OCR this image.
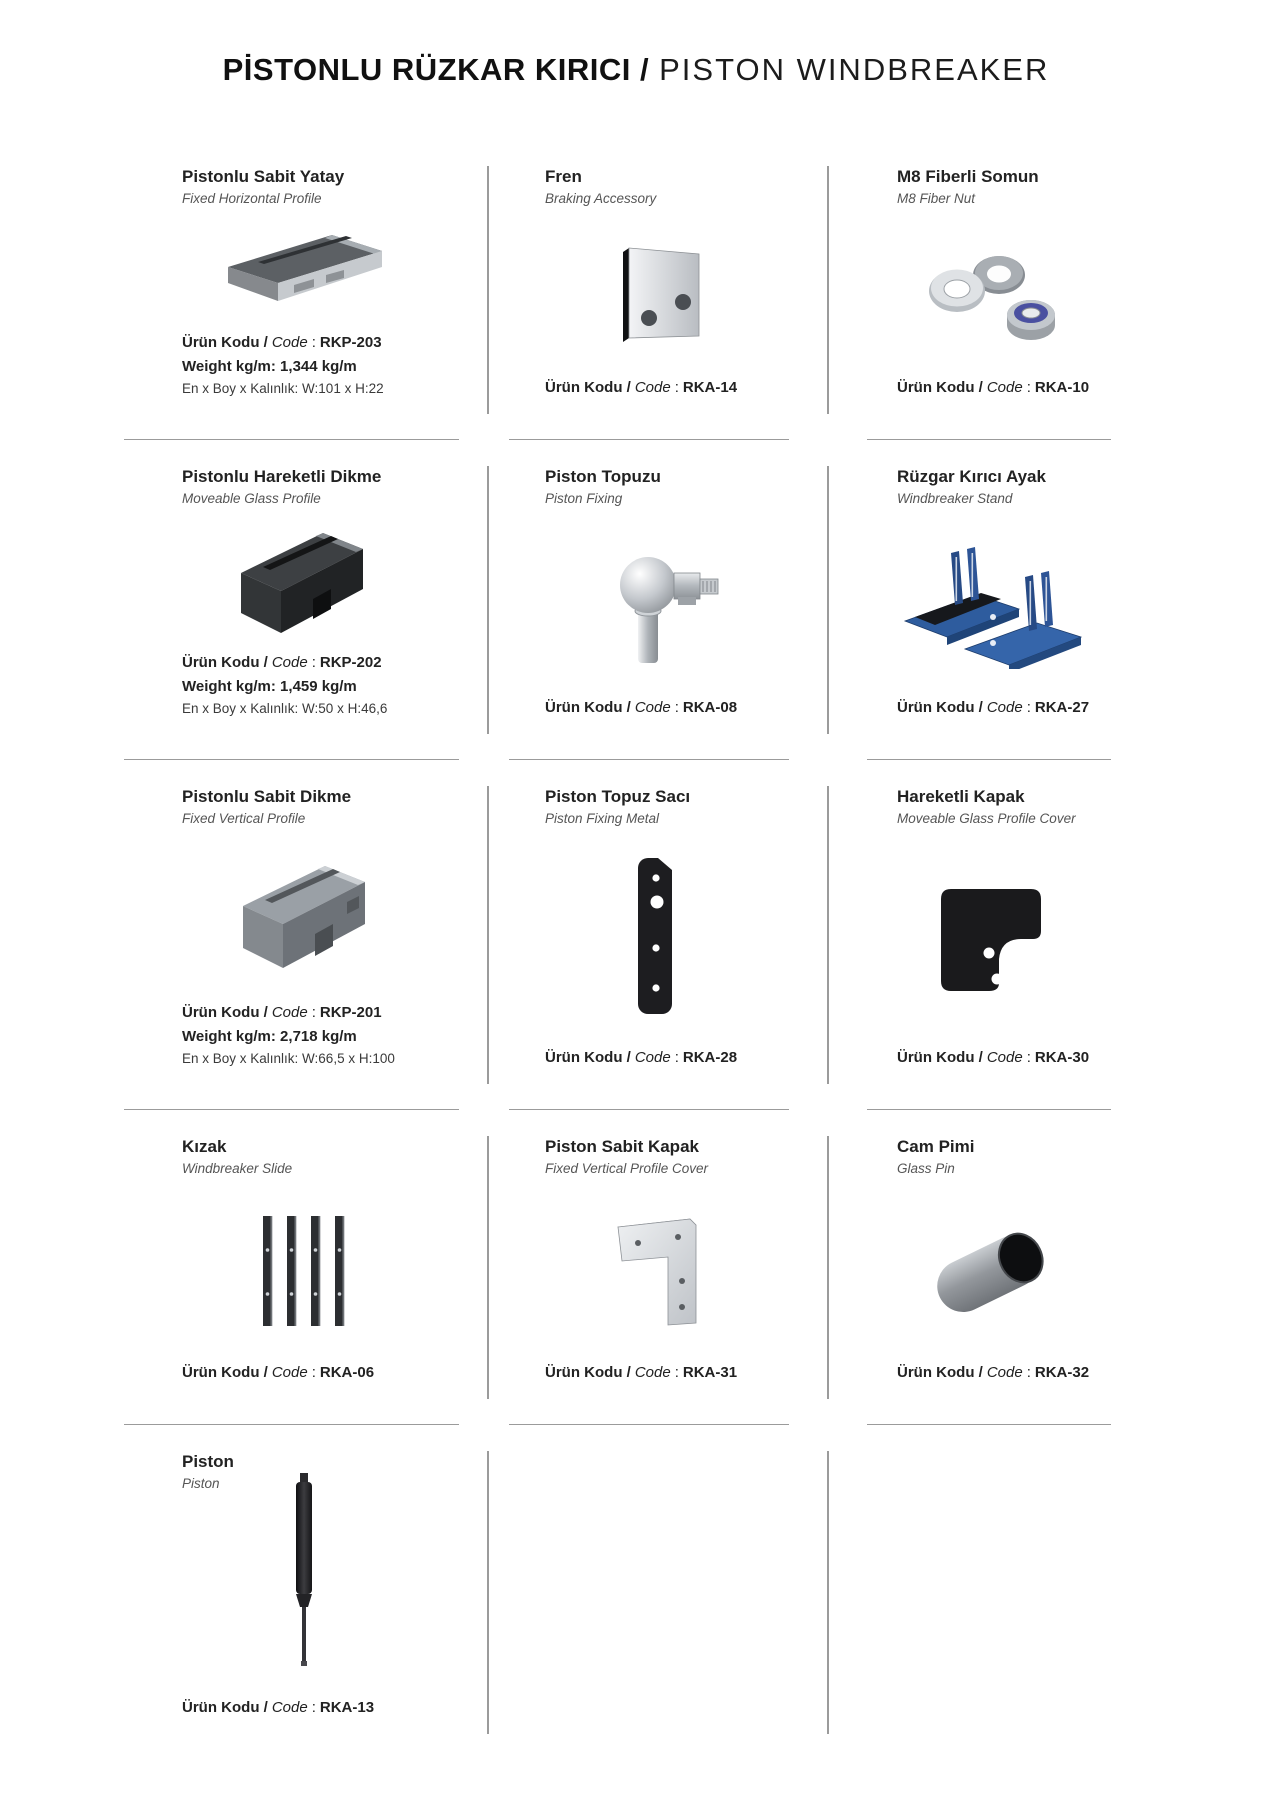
PİSTONLU RÜZKAR KIRICI / PISTON WINDBREAKER
Pistonlu Sabit Yatay

Fixed Horizontal Profile

Ürün Kodu / Code : RKP-203

Weight kg/m: 1,344 kg/m

En x Boy x Kalınlık: W:101 x H:22

Fren

Braking Accessory

Ürün Kodu / Code : RKA-14

M8 Fiberli Somun

M8 Fiber Nut

Ürün Kodu / Code : RKA-10

Pistonlu Hareketli Dikme

Moveable Glass Profile

Ürün Kodu / Code : RKP-202

Weight kg/m: 1,459 kg/m

En x Boy x Kalınlık: W:50 x H:46,6

Piston Topuzu

Piston Fixing

Ürün Kodu / Code : RKA-08

Rüzgar Kırıcı Ayak

Windbreaker Stand

Ürün Kodu / Code : RKA-27

Pistonlu Sabit Dikme

Fixed Vertical Profile

Ürün Kodu / Code : RKP-201

Weight kg/m: 2,718 kg/m

En x Boy x Kalınlık: W:66,5 x H:100

Piston Topuz Sacı

Piston Fixing Metal

Ürün Kodu / Code : RKA-28

Hareketli Kapak

Moveable Glass Profile Cover

Ürün Kodu / Code : RKA-30

Kızak

Windbreaker Slide

Ürün Kodu / Code : RKA-06

Piston Sabit Kapak

Fixed Vertical Profile Cover

Ürün Kodu / Code : RKA-31

Cam Pimi

Glass Pin

Ürün Kodu / Code : RKA-32

Piston

Piston

Ürün Kodu / Code : RKA-13
